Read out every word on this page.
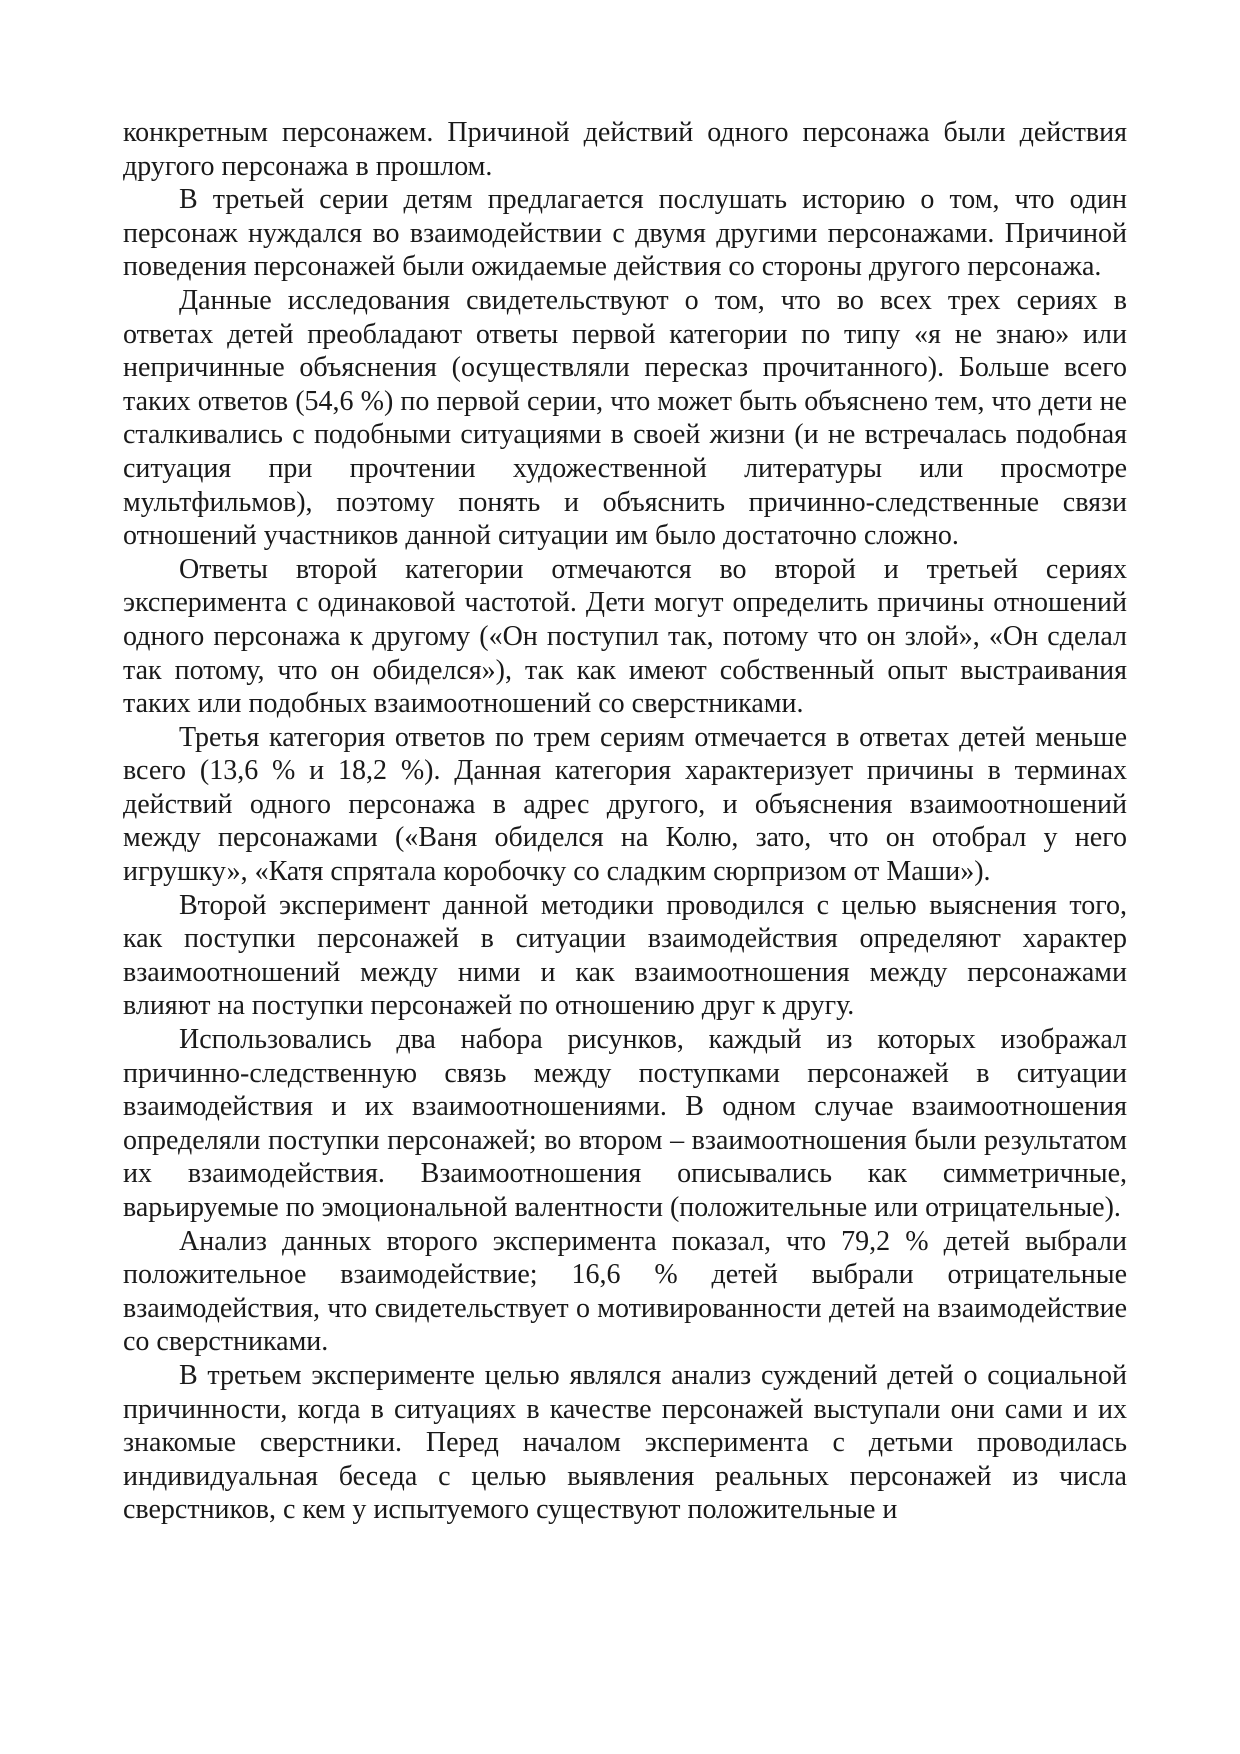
конкретным персонажем. Причиной действий одного персонажа были действия другого персонажа в прошлом.

В третьей серии детям предлагается послушать историю о том, что один персонаж нуждался во взаимодействии с двумя другими персонажами. Причиной поведения персонажей были ожидаемые действия со стороны другого персонажа.

Данные исследования свидетельствуют о том, что во всех трех сериях в ответах детей преобладают ответы первой категории по типу «я не знаю» или непричинные объяснения (осуществляли пересказ прочитанного). Больше всего таких ответов (54,6 %) по первой серии, что может быть объяснено тем, что дети не сталкивались с подобными ситуациями в своей жизни (и не встречалась подобная ситуация при прочтении художественной литературы или просмотре мультфильмов), поэтому понять и объяснить причинно-следственные связи отношений участников данной ситуации им было достаточно сложно.

Ответы второй категории отмечаются во второй и третьей сериях эксперимента с одинаковой частотой. Дети могут определить причины отношений одного персонажа к другому («Он поступил так, потому что он злой», «Он сделал так потому, что он обиделся»), так как имеют собственный опыт выстраивания таких или подобных взаимоотношений со сверстниками.

Третья категория ответов по трем сериям отмечается в ответах детей меньше всего (13,6 % и 18,2 %). Данная категория характеризует причины в терминах действий одного персонажа в адрес другого, и объяснения взаимоотношений между персонажами («Ваня обиделся на Колю, зато, что он отобрал у него игрушку», «Катя спрятала коробочку со сладким сюрпризом от Маши»).

Второй эксперимент данной методики проводился с целью выяснения того, как поступки персонажей в ситуации взаимодействия определяют характер взаимоотношений между ними и как взаимоотношения между персонажами влияют на поступки персонажей по отношению друг к другу.

Использовались два набора рисунков, каждый из которых изображал причинно-следственную связь между поступками персонажей в ситуации взаимодействия и их взаимоотношениями. В одном случае взаимоотношения определяли поступки персонажей; во втором – взаимоотношения были результатом их взаимодействия. Взаимоотношения описывались как симметричные, варьируемые по эмоциональной валентности (положительные или отрицательные).

Анализ данных второго эксперимента показал, что 79,2 % детей выбрали положительное взаимодействие; 16,6 % детей выбрали отрицательные взаимодействия, что свидетельствует о мотивированности детей на взаимодействие со сверстниками.

В третьем эксперименте целью являлся анализ суждений детей о социальной причинности, когда в ситуациях в качестве персонажей выступали они сами и их знакомые сверстники. Перед началом эксперимента с детьми проводилась индивидуальная беседа с целью выявления реальных персонажей из числа сверстников, с кем у испытуемого существуют положительные и
